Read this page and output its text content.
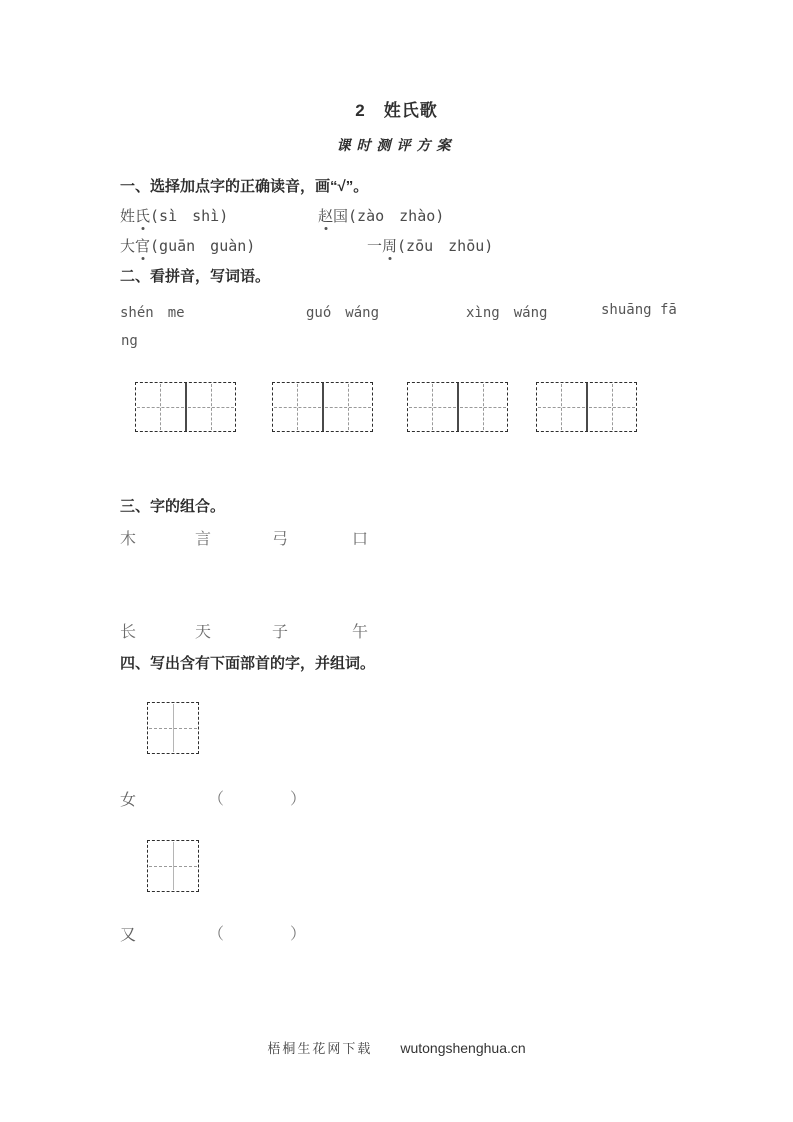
2　姓氏歌
课时测评方案
一、选择加点字的正确读音，画“√”。
姓氏(sì　shì)	赵国(zào　zhào)
大官(guān　guàn)	一周(zōu　zhōu)
二、看拼音，写词语。
shén　me	guó　wáng	xìng　wáng	shuāng fā
ng
三、字的组合。
木	言	弓	口
长	天	子	午
四、写出含有下面部首的字，并组词。
女	（	）
又	（	）
梧桐生花网下载 wutongshenghua.cn
